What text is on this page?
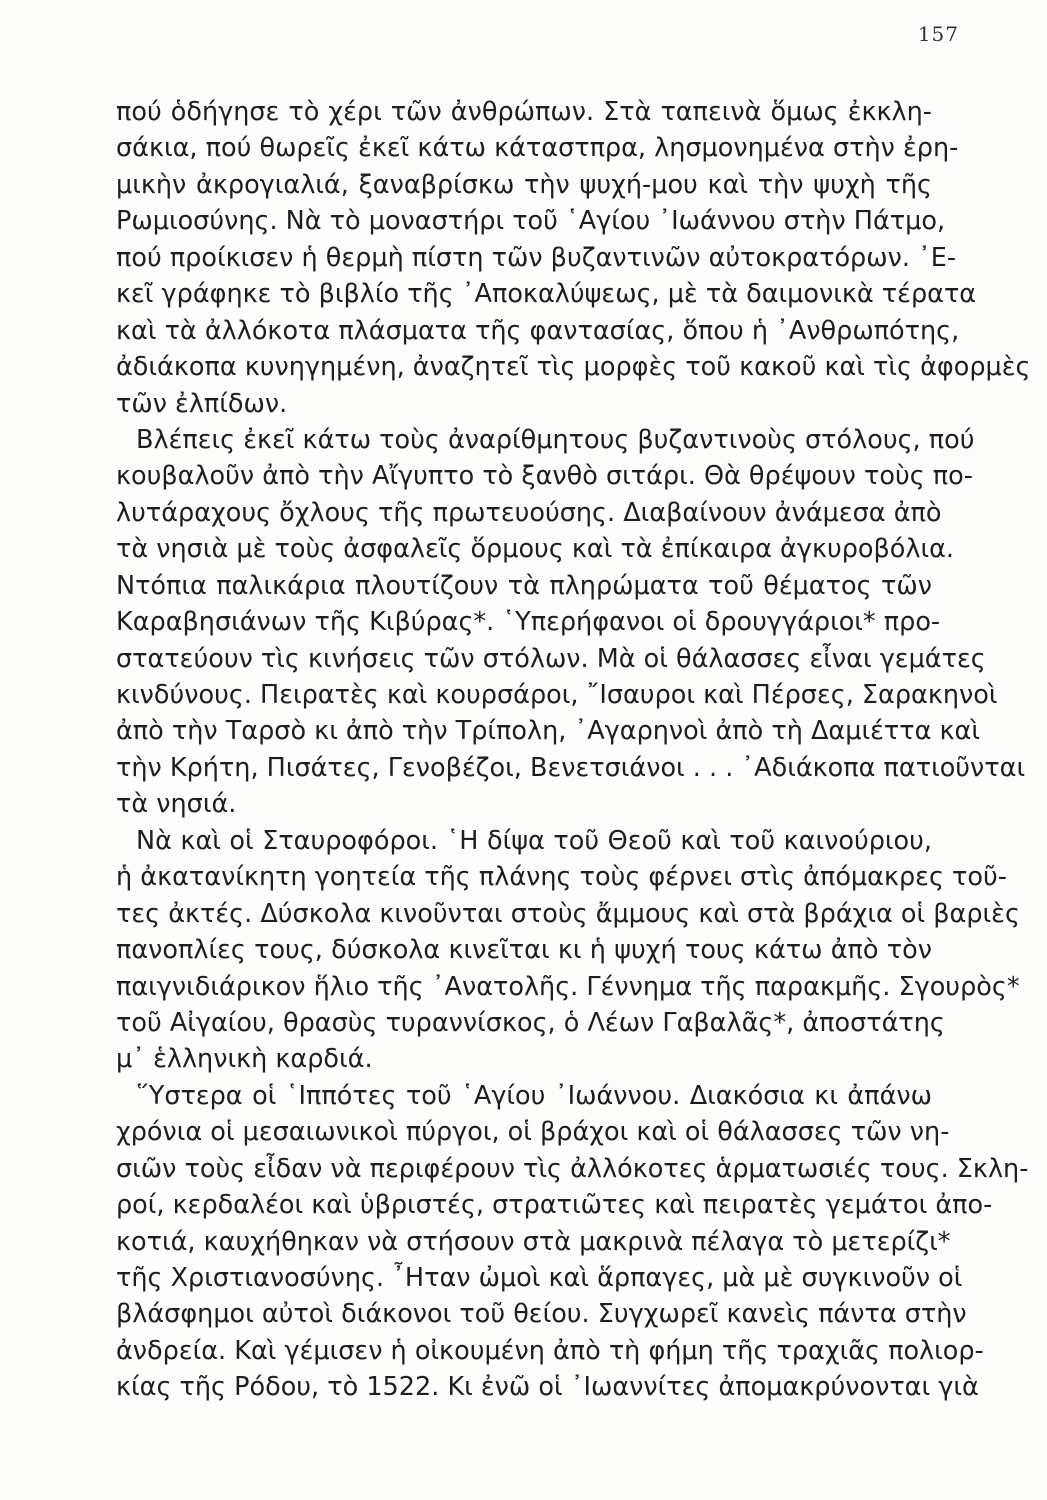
157
πού ὁδήγησε τὸ χέρι τῶν ἀνθρώπων. Στὰ ταπεινὰ ὅμως ἐκκλη-
σάκια, πού θωρεῖς ἐκεῖ κάτω κάταστπρα, λησμονημένα στὴν ἐρη-
μικὴν ἀκρογιαλιά, ξαναβρίσκω τὴν ψυχή-μου καὶ τὴν ψυχὴ τῆς
Ρωμιοσύνης. Νὰ τὸ μοναστήρι τοῦ ῾Αγίου ᾿Ιωάννου στὴν Πάτμο,
πού προίκισεν ἡ θερμὴ πίστη τῶν βυζαντινῶν αὐτοκρατόρων. ᾿Ε-
κεῖ γράφηκε τὸ βιβλίο τῆς ᾿Αποκαλύψεως, μὲ τὰ δαιμονικὰ τέρατα
καὶ τὰ ἀλλόκοτα πλάσματα τῆς φαντασίας, ὅπου ἡ ᾿Ανθρωπότης,
ἀδιάκοπα κυνηγημένη, ἀναζητεῖ τὶς μορφὲς τοῦ κακοῦ καὶ τὶς ἀφορμὲς
τῶν ἐλπίδων.
Βλέπεις ἐκεῖ κάτω τοὺς ἀναρίθμητους βυζαντινοὺς στόλους, πού
κουβαλοῦν ἀπὸ τὴν Αἴγυπτο τὸ ξανθὸ σιτάρι. Θὰ θρέψουν τοὺς πο-
λυτάραχους ὄχλους τῆς πρωτευούσης. Διαβαίνουν ἀνάμεσα ἀπὸ
τὰ νησιὰ μὲ τοὺς ἀσφαλεῖς ὅρμους καὶ τὰ ἐπίκαιρα ἀγκυροβόλια.
Ντόπια παλικάρια πλουτίζουν τὰ πληρώματα τοῦ θέματος τῶν
Καραβησιάνων τῆς Κιβύρας*. ῾Υπερήφανοι οἱ δρουγγάριοι* προ-
στατεύουν τὶς κινήσεις τῶν στόλων. Μὰ οἱ θάλασσες εἶναι γεμάτες
κινδύνους. Πειρατὲς καὶ κουρσάροι, ῎Ισαυροι καὶ Πέρσες, Σαρακηνοὶ
ἀπὸ τὴν Ταρσὸ κι ἀπὸ τὴν Τρίπολη, ᾿Αγαρηνοὶ ἀπὸ τὴ Δαμιέττα καὶ
τὴν Κρήτη, Πισάτες, Γενοβέζοι, Βενετσιάνοι . . . ᾿Αδιάκοπα πατιοῦνται
τὰ νησιά.
Νὰ καὶ οἱ Σταυροφόροι. ῾Η δίψα τοῦ Θεοῦ καὶ τοῦ καινούριου,
ἡ ἀκατανίκητη γοητεία τῆς πλάνης τοὺς φέρνει στὶς ἀπόμακρες τοῦ-
τες ἀκτές. Δύσκολα κινοῦνται στοὺς ἄμμους καὶ στὰ βράχια οἱ βαριὲς
πανοπλίες τους, δύσκολα κινεῖται κι ἡ ψυχή τους κάτω ἀπὸ τὸν
παιγνιδιάρικον ἥλιο τῆς ᾿Ανατολῆς. Γέννημα τῆς παρακμῆς. Σγουρὸς*
τοῦ Αἰγαίου, θρασὺς τυραννίσκος, ὁ Λέων Γαβαλᾶς*, ἀποστάτης
μ᾿ ἑλληνικὴ καρδιά.
῞Υστερα οἱ ῾Ιππότες τοῦ ῾Αγίου ᾿Ιωάννου. Διακόσια κι ἀπάνω
χρόνια οἱ μεσαιωνικοὶ πύργοι, οἱ βράχοι καὶ οἱ θάλασσες τῶν νη-
σιῶν τοὺς εἶδαν νὰ περιφέρουν τὶς ἀλλόκοτες ἁρματωσιές τους. Σκλη-
ροί, κερδαλέοι καὶ ὑβριστές, στρατιῶτες καὶ πειρατὲς γεμάτοι ἀπο-
κοτιά, καυχήθηκαν νὰ στήσουν στὰ μακρινὰ πέλαγα τὸ μετερίζι*
τῆς Χριστιανοσύνης. ῏Ηταν ὠμοὶ καὶ ἅρπαγες, μὰ μὲ συγκινοῦν οἱ
βλάσφημοι αὐτοὶ διάκονοι τοῦ θείου. Συγχωρεῖ κανεὶς πάντα στὴν
ἀνδρεία. Καὶ γέμισεν ἡ οἰκουμένη ἀπὸ τὴ φήμη τῆς τραχιᾶς πολιορ-
κίας τῆς Ρόδου, τὸ 1522. Κι ἐνῶ οἱ ᾿Ιωαννίτες ἀπομακρύνονται γιὰ
